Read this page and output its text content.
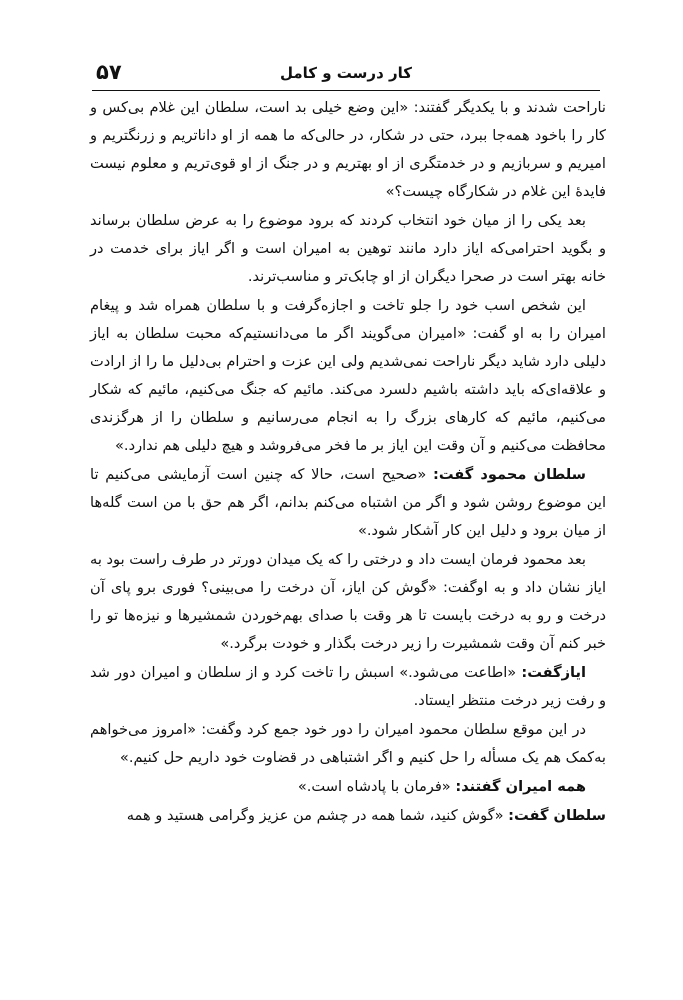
۵۷	کار درست و کامل

ناراحت شدند و با یکدیگر گفتند: «این وضع خیلی بد است، سلطان این غلام بی‌کس و کار را باخود همه‌جا ببرد، حتی در شکار، در حالی‌که ما همه از او داناتریم و زرنگتریم و امیریم و سربازیم و در خدمتگری از او بهتریم و در جنگ از او قوی‌تریم و معلوم نیست فایدهٔ این غلام در شکارگاه چیست؟»

بعد یکی را از میان خود انتخاب کردند که برود موضوع را به عرض سلطان برساند و بگوید احترامی‌که ایاز دارد مانند توهین به امیران است و اگر ایاز برای خدمت در خانه بهتر است در صحرا دیگران از او چابک‌تر و مناسب‌ترند.

این شخص اسب خود را جلو تاخت و اجازه‌گرفت و با سلطان همراه شد و پیغام امیران را به او گفت: «امیران می‌گویند اگر ما می‌دانستیم‌که محبت سلطان به ایاز دلیلی دارد شاید دیگر ناراحت نمی‌شدیم ولی این عزت و احترام بی‌دلیل ما را از ارادت و علاقه‌ای‌که باید داشته باشیم دلسرد می‌کند. مائیم که جنگ می‌کنیم، مائیم که شکار می‌کنیم، مائیم که کارهای بزرگ را به انجام می‌رسانیم و سلطان را از هرگزندی محافظت می‌کنیم و آن وقت این ایاز بر ما فخر می‌فروشد و هیچ دلیلی هم ندارد.»

سلطان محمود گفت: «صحیح است، حالا که چنین است آزمایشی می‌کنیم تا این موضوع روشن شود و اگر من اشتباه می‌کنم بدانم، اگر هم حق با من است گله‌ها از میان برود و دلیل این کار آشکار شود.»

بعد محمود فرمان ایست داد و درختی را که یک میدان دورتر در طرف راست بود به ایاز نشان داد و به اوگفت: «گوش کن ایاز، آن درخت را می‌بینی؟ فوری برو پای آن درخت و رو به درخت بایست تا هر وقت با صدای بهم‌خوردن شمشیرها و نیزه‌ها تو را خبر کنم آن وقت شمشیرت را زیر درخت بگذار و خودت برگرد.»

ایازگفت: «اطاعت می‌شود.» اسبش را تاخت کرد و از سلطان و امیران دور شد و رفت زیر درخت منتظر ایستاد.

در این موقع سلطان محمود امیران را دور خود جمع کرد وگفت: «امروز می‌خواهم به‌کمک هم یک مسأله را حل کنیم و اگر اشتباهی در قضاوت خود داریم حل کنیم.»

همه امیران گفتند: «فرمان با پادشاه است.»

سلطان گفت: «گوش کنید، شما همه در چشم من عزیز وگرامی هستید و همه
